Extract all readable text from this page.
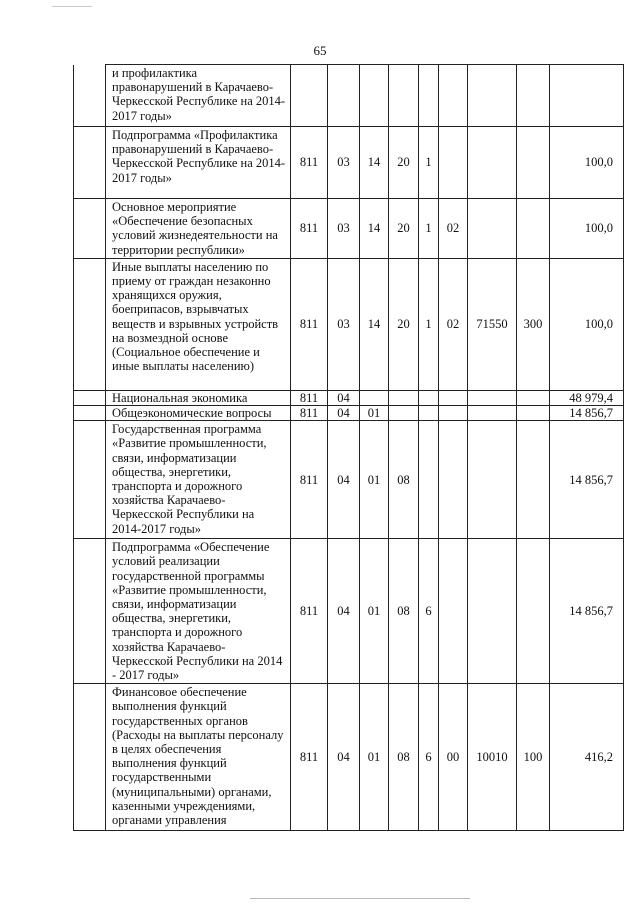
65
	и профилактика правонарушений в Карачаево-Черкесской Республике на 2014-2017 годы»									
	Подпрограмма «Профилактика правонарушений в Карачаево-Черкесской Республике на 2014-2017 годы»	811	03	14	20	1				100,0
	Основное мероприятие «Обеспечение безопасных условий жизнедеятельности на территории республики»	811	03	14	20	1	02			100,0
	Иные выплаты населению по приему от граждан незаконно хранящихся оружия, боеприпасов, взрывчатых веществ и взрывных устройств на возмездной основе (Социальное обеспечение и иные выплаты населению)	811	03	14	20	1	02	71550	300	100,0
	Национальная экономика	811	04							48 979,4
	Общеэкономические вопросы	811	04	01						14 856,7
	Государственная программа «Развитие промышленности, связи, информатизации общества, энергетики, транспорта и дорожного хозяйства Карачаево-Черкесской Республики на 2014-2017 годы»	811	04	01	08					14 856,7
	Подпрограмма «Обеспечение условий реализации государственной программы «Развитие промышленности, связи, информатизации общества, энергетики, транспорта и дорожного хозяйства Карачаево-Черкесской Республики на 2014 - 2017 годы»	811	04	01	08	6				14 856,7
	Финансовое обеспечение выполнения функций государственных органов (Расходы на выплаты персоналу в целях обеспечения выполнения функций государственными (муниципальными) органами, казенными учреждениями, органами управления	811	04	01	08	6	00	10010	100	416,2
